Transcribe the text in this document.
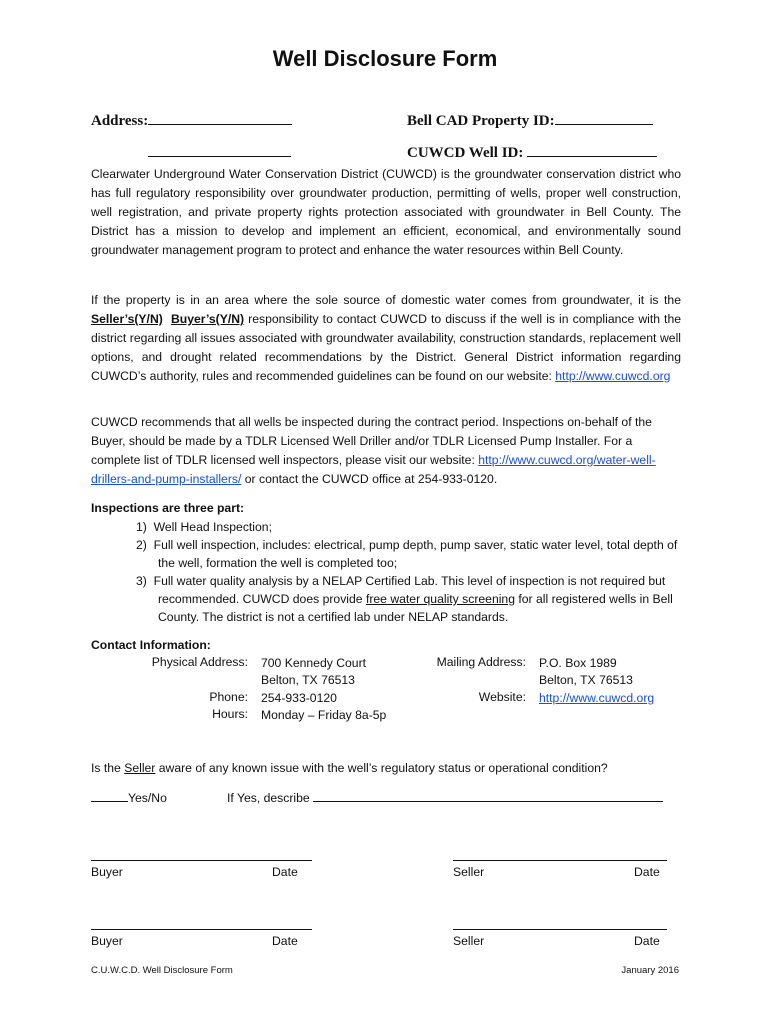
Well Disclosure Form
Address:	Bell CAD Property ID:
CUWCD Well ID:

Clearwater Underground Water Conservation District (CUWCD) is the groundwater conservation district who has full regulatory responsibility over groundwater production, permitting of wells, proper well construction, well registration, and private property rights protection associated with groundwater in Bell County. The District has a mission to develop and implement an efficient, economical, and environmentally sound groundwater management program to protect and enhance the water resources within Bell County.

If the property is in an area where the sole source of domestic water comes from groundwater, it is the Seller’s(Y/N) Buyer’s(Y/N) responsibility to contact CUWCD to discuss if the well is in compliance with the district regarding all issues associated with groundwater availability, construction standards, replacement well options, and drought related recommendations by the District. General District information regarding CUWCD’s authority, rules and recommended guidelines can be found on our website: http://www.cuwcd.org

CUWCD recommends that all wells be inspected during the contract period. Inspections on-behalf of the Buyer, should be made by a TDLR Licensed Well Driller and/or TDLR Licensed Pump Installer. For a complete list of TDLR licensed well inspectors, please visit our website: http://www.cuwcd.org/water-well-drillers-and-pump-installers/ or contact the CUWCD office at 254-933-0120.

Inspections are three part:
1) Well Head Inspection;
2) Full well inspection, includes: electrical, pump depth, pump saver, static water level, total depth of the well, formation the well is completed too;
3) Full water quality analysis by a NELAP Certified Lab. This level of inspection is not required but recommended. CUWCD does provide free water quality screening for all registered wells in Bell County. The district is not a certified lab under NELAP standards.
Contact Information:
Physical Address: 700 Kennedy Court
Belton, TX 76513
Phone: 254-933-0120
Hours: Monday – Friday 8a-5p
Mailing Address: P.O. Box 1989
Belton, TX 76513
Website: http://www.cuwcd.org
Is the Seller aware of any known issue with the well’s regulatory status or operational condition?
Yes/No	If Yes, describe
Buyer	Date	Seller	Date
Buyer	Date	Seller	Date
C.U.W.C.D. Well Disclosure Form	January 2016
